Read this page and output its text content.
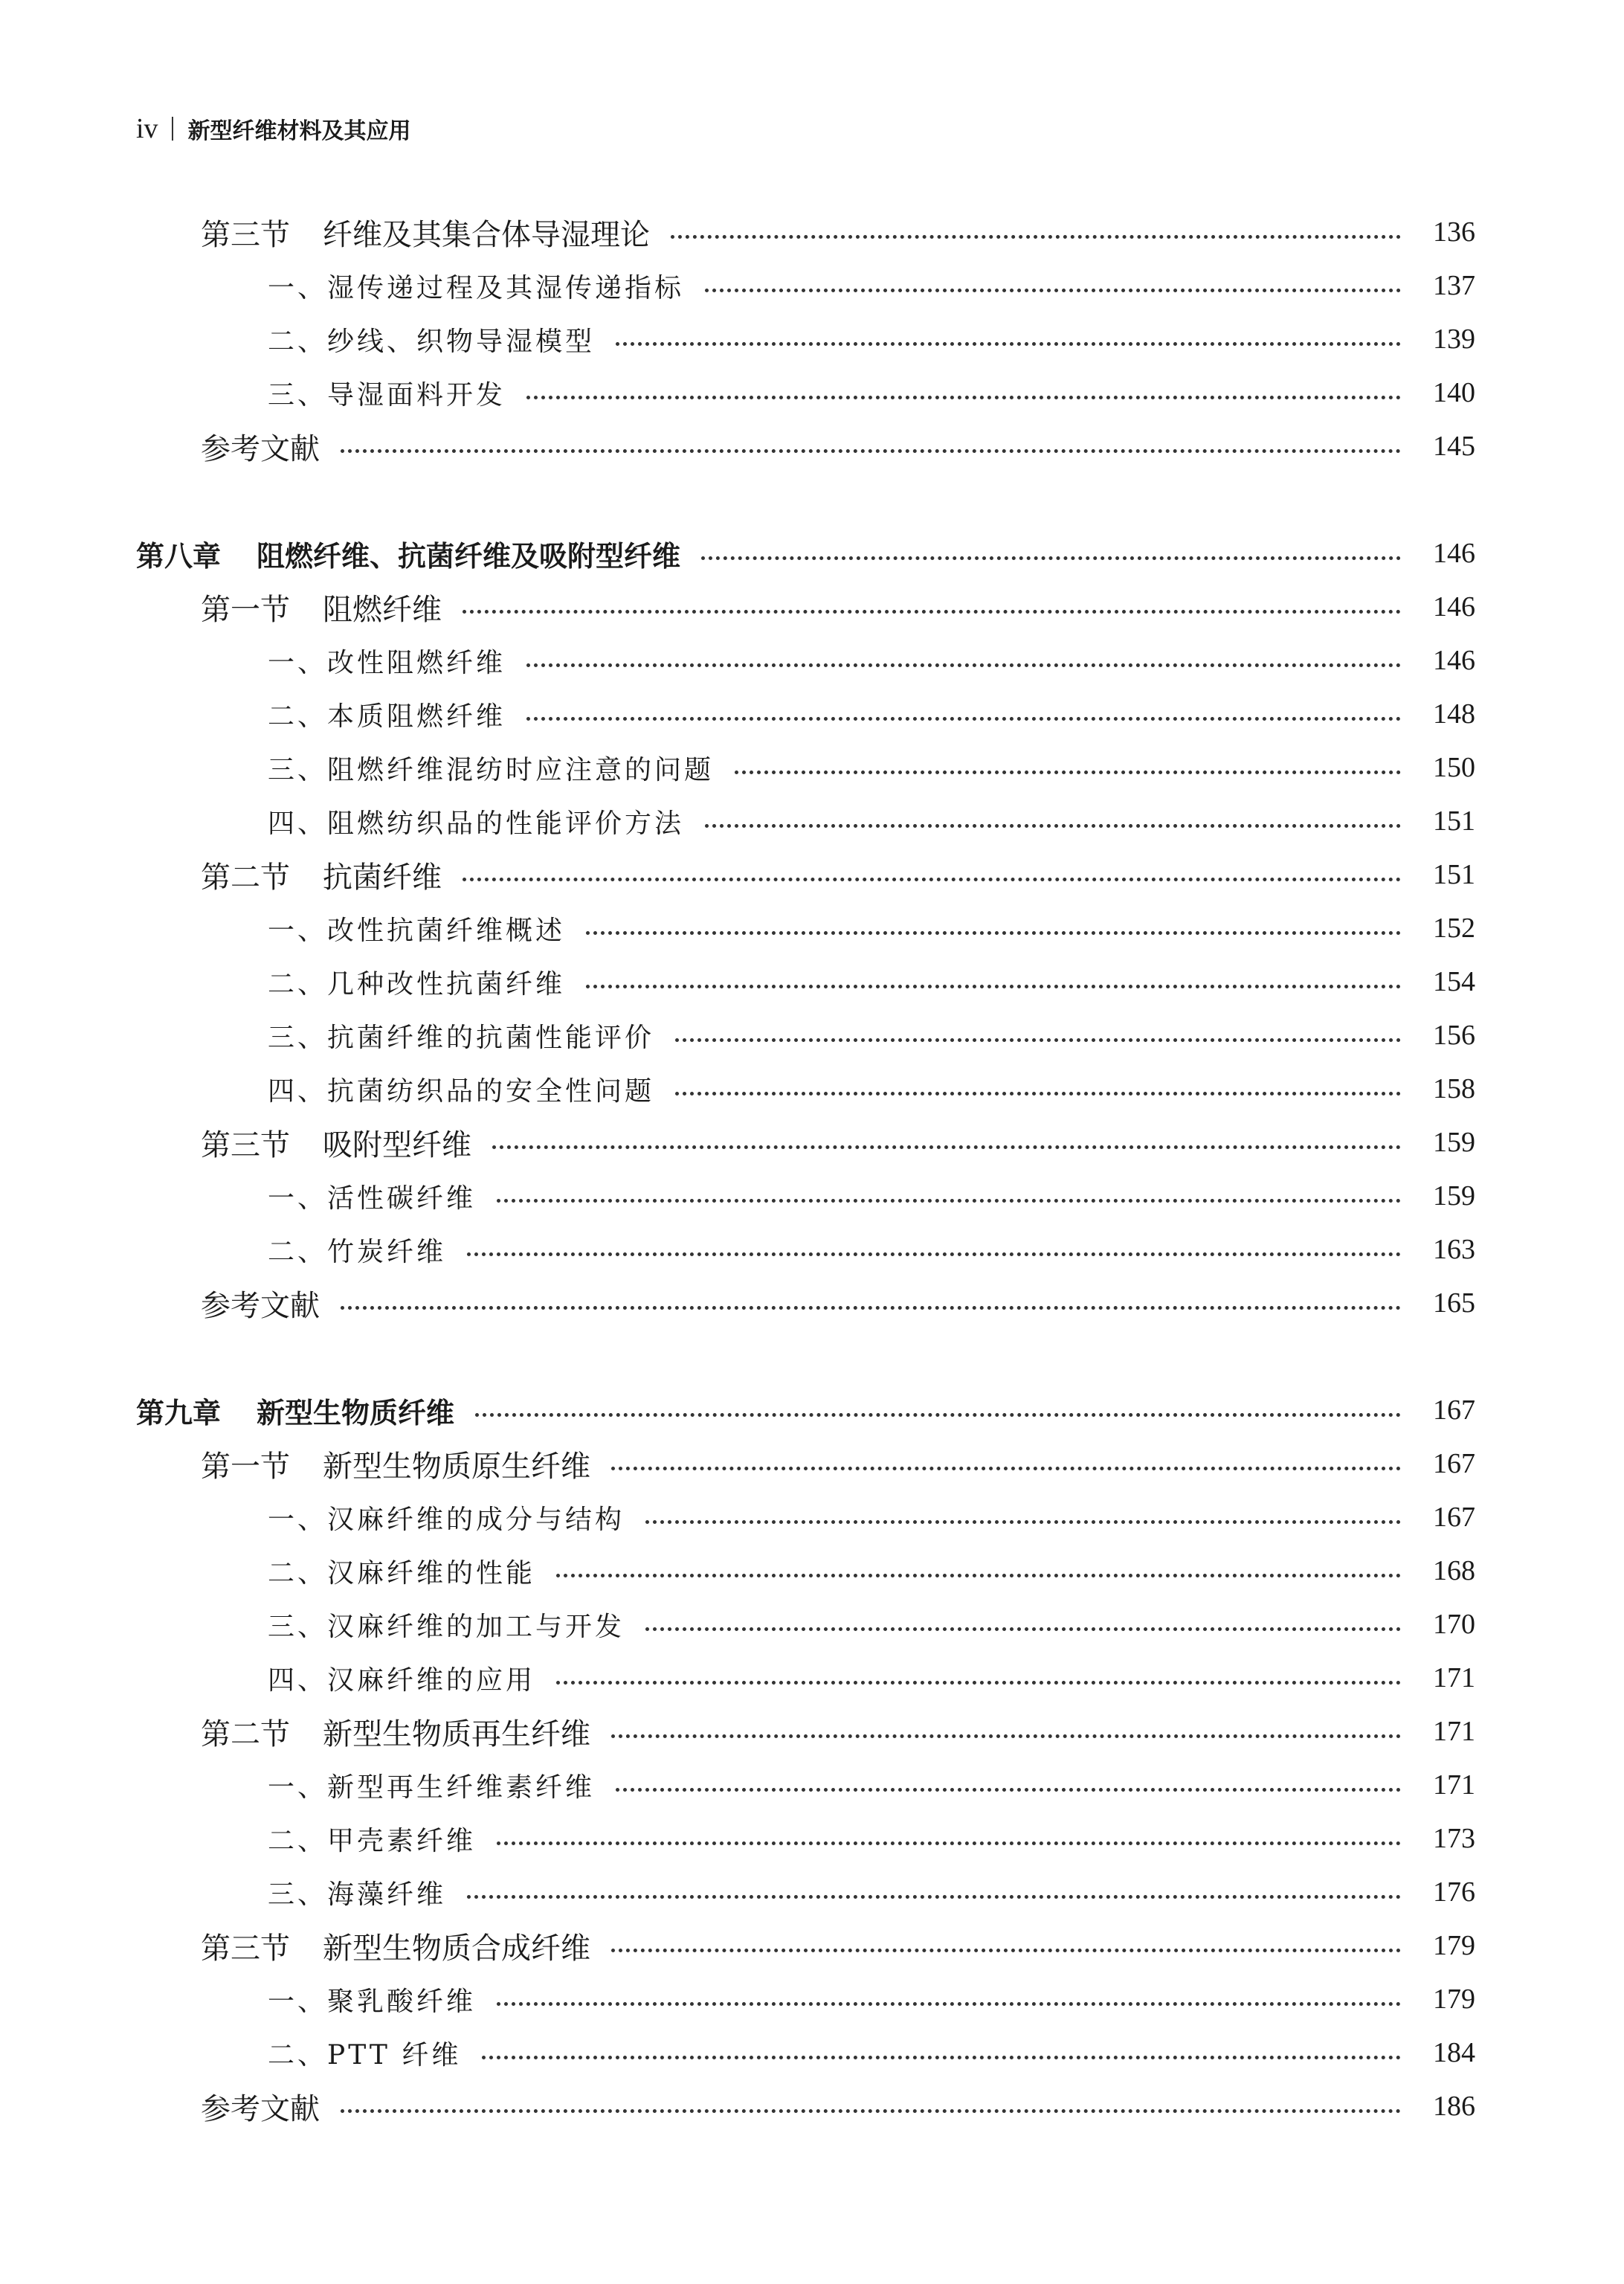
iv 新型纤维材料及其应用
第三节 纤维及其集合体导湿理论	136
一、湿传递过程及其湿传递指标	137
二、纱线、织物导湿模型	139
三、导湿面料开发	140
参考文献	145
第八章 阻燃纤维、抗菌纤维及吸附型纤维	146
第一节 阻燃纤维	146
一、改性阻燃纤维	146
二、本质阻燃纤维	148
三、阻燃纤维混纺时应注意的问题	150
四、阻燃纺织品的性能评价方法	151
第二节 抗菌纤维	151
一、改性抗菌纤维概述	152
二、几种改性抗菌纤维	154
三、抗菌纤维的抗菌性能评价	156
四、抗菌纺织品的安全性问题	158
第三节 吸附型纤维	159
一、活性碳纤维	159
二、竹炭纤维	163
参考文献	165
第九章 新型生物质纤维	167
第一节 新型生物质原生纤维	167
一、汉麻纤维的成分与结构	167
二、汉麻纤维的性能	168
三、汉麻纤维的加工与开发	170
四、汉麻纤维的应用	171
第二节 新型生物质再生纤维	171
一、新型再生纤维素纤维	171
二、甲壳素纤维	173
三、海藻纤维	176
第三节 新型生物质合成纤维	179
一、聚乳酸纤维	179
二、PTT 纤维	184
参考文献	186
